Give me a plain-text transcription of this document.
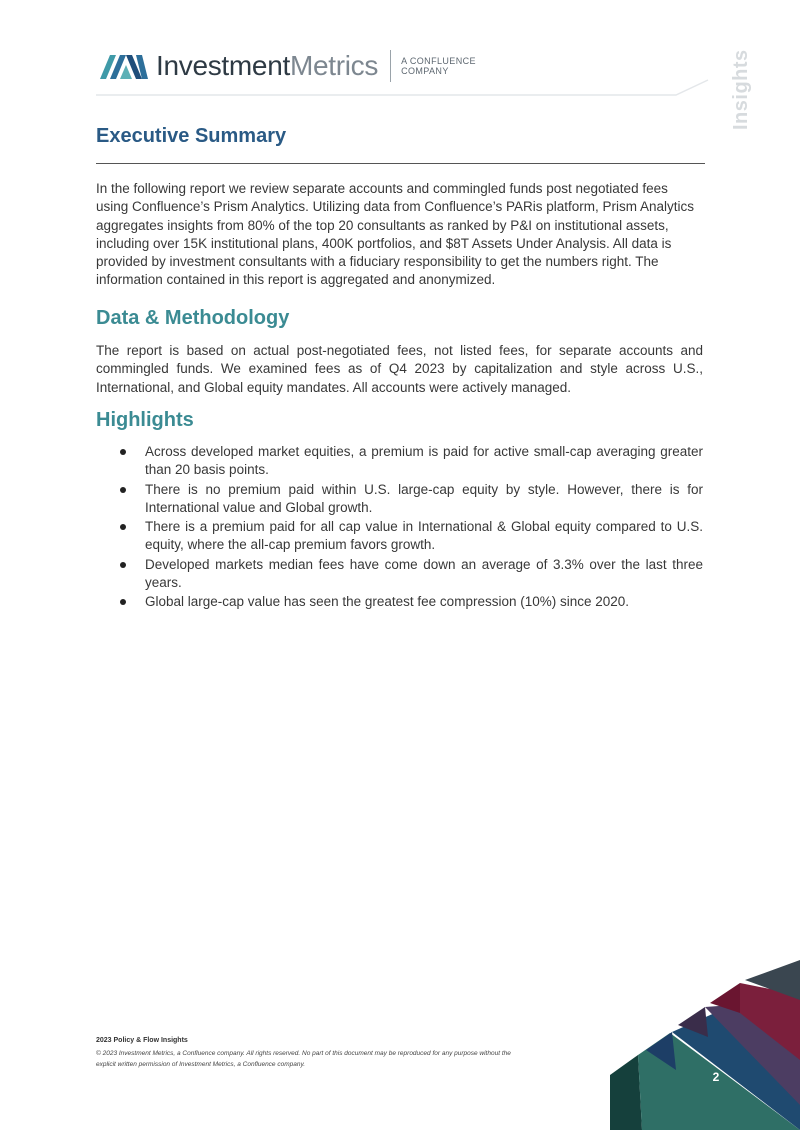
InvestmentMetrics	A CONFLUENCE
COMPANY	Insights
Executive Summary

In the following report we review separate accounts and commingled funds post negotiated fees using Confluence’s Prism Analytics. Utilizing data from Confluence’s PARis platform, Prism Analytics aggregates insights from 80% of the top 20 consultants as ranked by P&I on institutional assets, including over 15K institutional plans, 400K portfolios, and $8T Assets Under Analysis. All data is provided by investment consultants with a fiduciary responsibility to get the numbers right. The information contained in this report is aggregated and anonymized.

Data & Methodology

The report is based on actual post-negotiated fees, not listed fees, for separate accounts and commingled funds. We examined fees as of Q4 2023 by capitalization and style across U.S., International, and Global equity mandates. All accounts were actively managed.

Highlights
Across developed market equities, a premium is paid for active small-cap averaging greater than 20 basis points.
There is no premium paid within U.S. large-cap equity by style. However, there is for International value and Global growth.
There is a premium paid for all cap value in International & Global equity compared to U.S. equity, where the all-cap premium favors growth.
Developed markets median fees have come down an average of 3.3% over the last three years.
Global large-cap value has seen the greatest fee compression (10%) since 2020.
2023 Policy & Flow Insights
© 2023 Investment Metrics, a Confluence company. All rights reserved. No part of this document may be reproduced for any purpose without the explicit written permission of Investment Metrics, a Confluence company.
2
